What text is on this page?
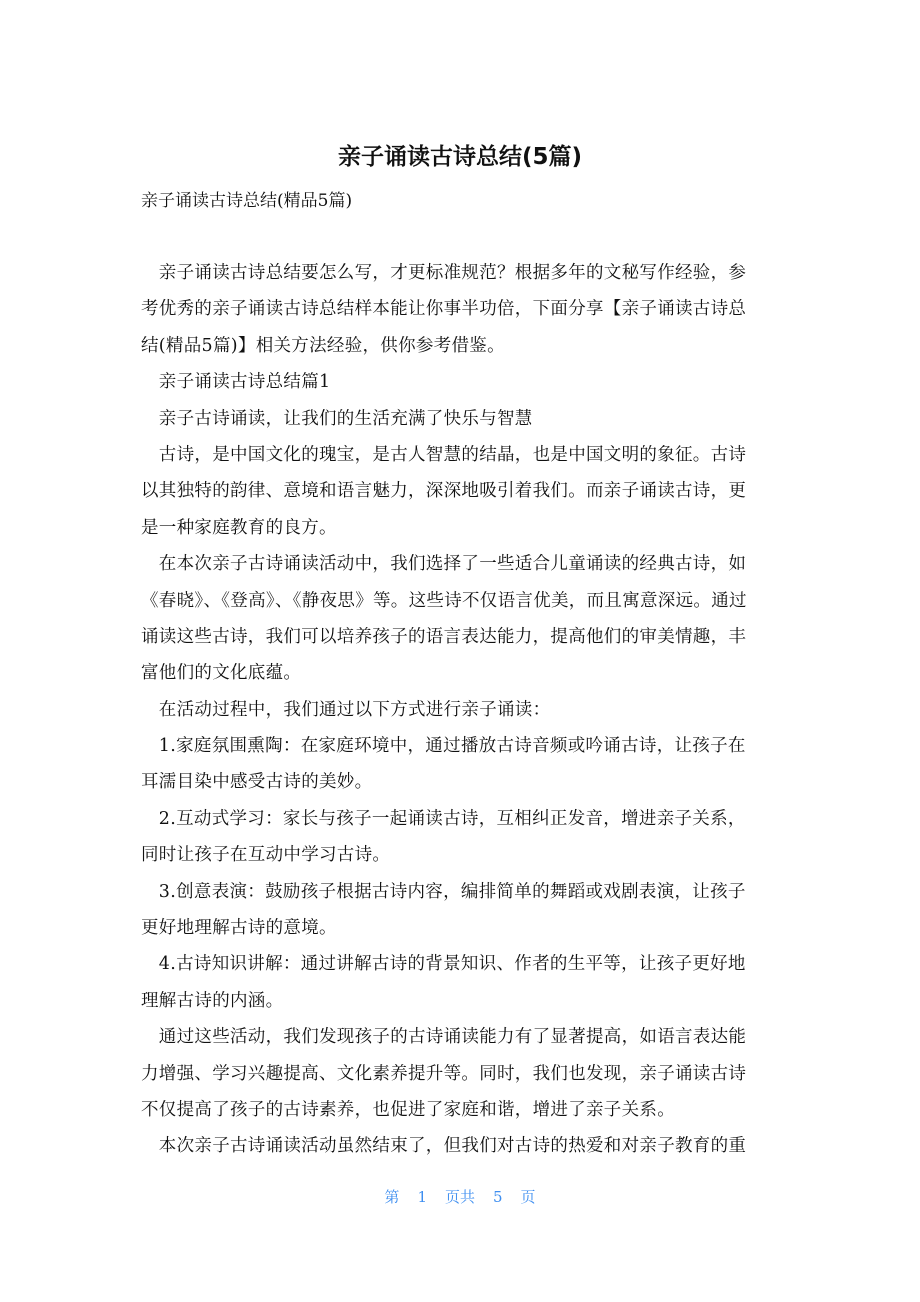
亲子诵读古诗总结(5篇)
亲子诵读古诗总结(精品5篇)
　亲子诵读古诗总结要怎么写，才更标准规范？根据多年的文秘写作经验，参
考优秀的亲子诵读古诗总结样本能让你事半功倍，下面分享【亲子诵读古诗总
结(精品5篇)】相关方法经验，供你参考借鉴。
　亲子诵读古诗总结篇1
　亲子古诗诵读，让我们的生活充满了快乐与智慧
　古诗，是中国文化的瑰宝，是古人智慧的结晶，也是中国文明的象征。古诗
以其独特的韵律、意境和语言魅力，深深地吸引着我们。而亲子诵读古诗，更
是一种家庭教育的良方。
　在本次亲子古诗诵读活动中，我们选择了一些适合儿童诵读的经典古诗，如
《春晓》、《登高》、《静夜思》等。这些诗不仅语言优美，而且寓意深远。通过
诵读这些古诗，我们可以培养孩子的语言表达能力，提高他们的审美情趣，丰
富他们的文化底蕴。
　在活动过程中，我们通过以下方式进行亲子诵读：
　1.家庭氛围熏陶：在家庭环境中，通过播放古诗音频或吟诵古诗，让孩子在
耳濡目染中感受古诗的美妙。
　2.互动式学习：家长与孩子一起诵读古诗，互相纠正发音，增进亲子关系，
同时让孩子在互动中学习古诗。
　3.创意表演：鼓励孩子根据古诗内容，编排简单的舞蹈或戏剧表演，让孩子
更好地理解古诗的意境。
　4.古诗知识讲解：通过讲解古诗的背景知识、作者的生平等，让孩子更好地
理解古诗的内涵。
　通过这些活动，我们发现孩子的古诗诵读能力有了显著提高，如语言表达能
力增强、学习兴趣提高、文化素养提升等。同时，我们也发现，亲子诵读古诗
不仅提高了孩子的古诗素养，也促进了家庭和谐，增进了亲子关系。
　本次亲子古诗诵读活动虽然结束了，但我们对古诗的热爱和对亲子教育的重
第 1 页共 5 页
